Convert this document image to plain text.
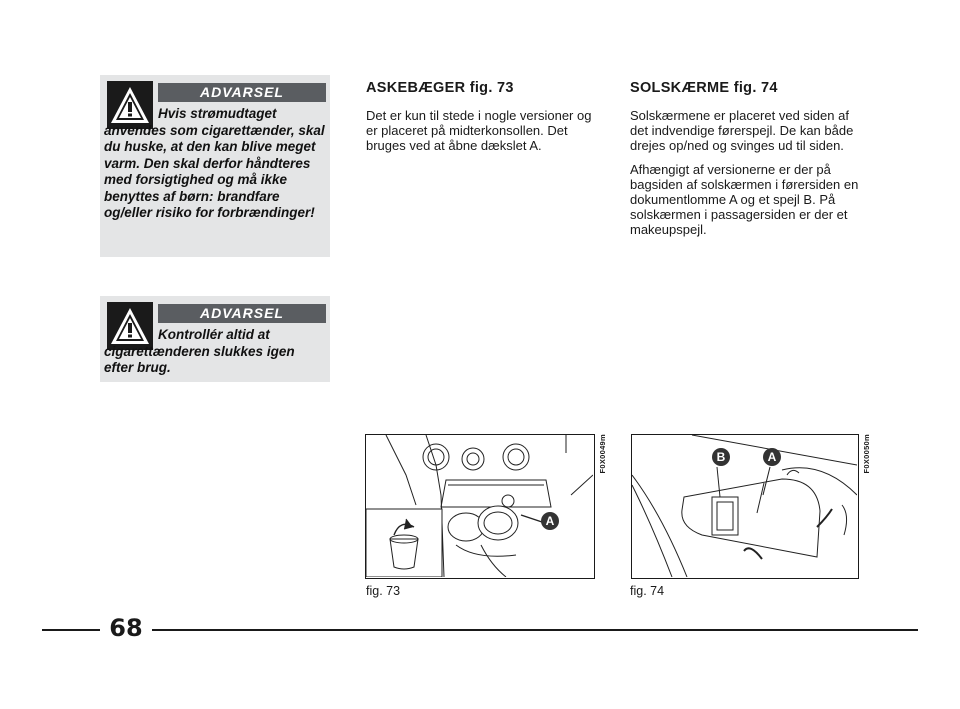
ADVARSEL

Hvis strømudtaget anvendes som cigarettænder, skal du huske, at den kan blive meget varm. Den skal derfor håndteres med forsigtighed og må ikke benyttes af børn: brandfare og/eller risiko for forbrændinger!

ADVARSEL

Kontrollér altid at cigarettænderen slukkes igen efter brug.

ASKEBÆGER fig. 73

Det er kun til stede i nogle versioner og er placeret på midterkonsollen. Det bruges ved at åbne dækslet A.

SOLSKÆRME fig. 74

Solskærmene er placeret ved siden af det indvendige førerspejl. De kan både drejes op/ned og svinges ud til siden.

Afhængigt af versionerne er der på bagsiden af solskærmen i førersiden en dokumentlomme A og et spejl B. På solskærmen i passagersiden er der et makeupspejl.

A
F0X0049m
fig. 73
B	A	F0X0050m
fig. 74
68
